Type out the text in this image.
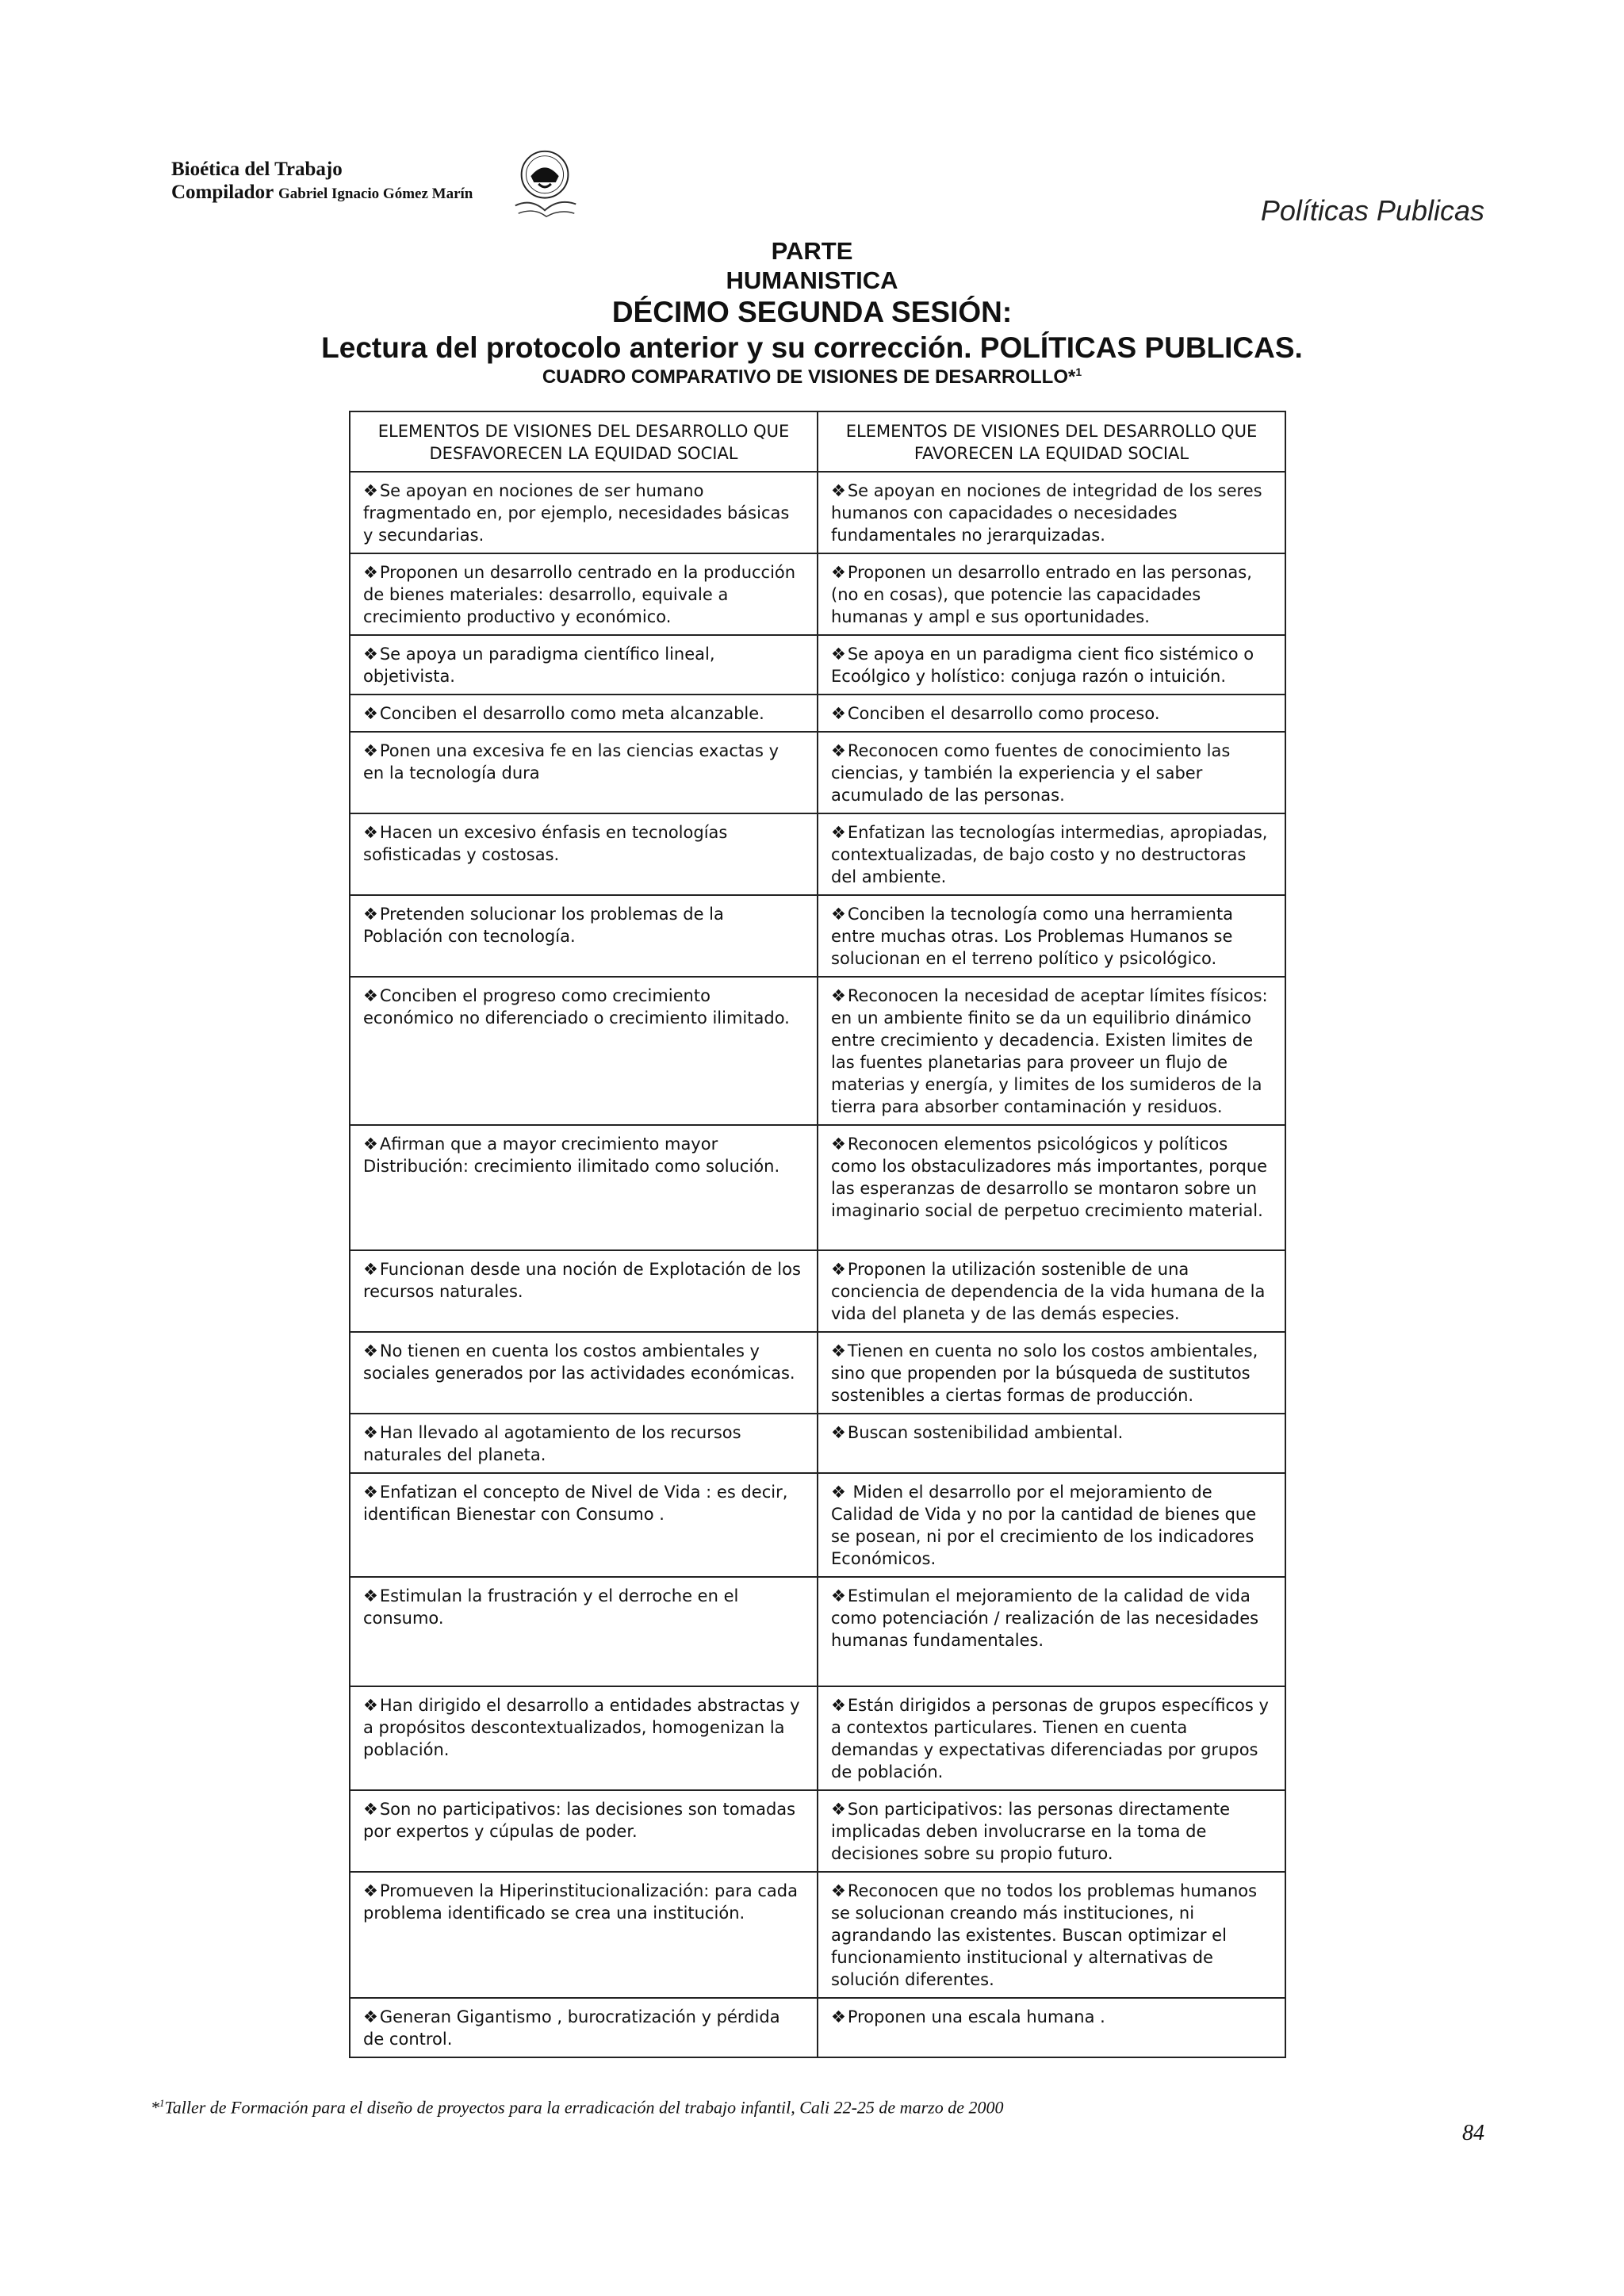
Bioética del Trabajo
Compilador Gabriel Ignacio Gómez Marín
Políticas Publicas
PARTE
HUMANISTICA
DÉCIMO SEGUNDA SESIÓN:
Lectura del protocolo anterior y su corrección. POLÍTICAS PUBLICAS.
CUADRO COMPARATIVO DE VISIONES DE DESARROLLO*$^1$
ELEMENTOS DE VISIONES DEL DESARROLLO QUE DESFAVORECEN LA EQUIDAD SOCIAL	ELEMENTOS DE VISIONES DEL DESARROLLO QUE FAVORECEN LA EQUIDAD SOCIAL
❖Se apoyan en nociones de ser humano fragmentado en, por ejemplo, necesidades básicas y secundarias.	❖Se apoyan en nociones de integridad de los seres humanos con capacidades o necesidades fundamentales no jerarquizadas.
❖Proponen un desarrollo centrado en la producción de bienes materiales: desarrollo, equivale a crecimiento productivo y económico.	❖Proponen un desarrollo entrado en las personas, (no en cosas), que potencie las capacidades humanas y ampl e sus oportunidades.
❖Se apoya un paradigma científico lineal, objetivista.	❖Se apoya en un paradigma cient fico sistémico o Ecoólgico y holístico: conjuga razón o intuición.
❖Conciben el desarrollo como meta alcanzable.	❖Conciben el desarrollo como proceso.
❖Ponen una excesiva fe en las ciencias exactas y en la tecnología dura	❖Reconocen como fuentes de conocimiento las ciencias, y también la experiencia y el saber acumulado de las personas.
❖Hacen un excesivo énfasis en tecnologías sofisticadas y costosas.	❖Enfatizan las tecnologías intermedias, apropiadas, contextualizadas, de bajo costo y no destructoras del ambiente.
❖Pretenden solucionar los problemas de la Población con tecnología.	❖Conciben la tecnología como una herramienta entre muchas otras. Los Problemas Humanos se solucionan en el terreno político y psicológico.
❖Conciben el progreso como crecimiento económico no diferenciado o crecimiento ilimitado.	❖Reconocen la necesidad de aceptar límites físicos: en un ambiente finito se da un equilibrio dinámico entre crecimiento y decadencia. Existen limites de las fuentes planetarias para proveer un flujo de materias y energía, y limites de los sumideros de la tierra para absorber contaminación y residuos.
❖Afirman que a mayor crecimiento mayor Distribución: crecimiento ilimitado como solución.	❖Reconocen elementos psicológicos y políticos como los obstaculizadores más importantes, porque las esperanzas de desarrollo se montaron sobre un imaginario social de perpetuo crecimiento material.
❖Funcionan desde una noción de Explotación de los recursos naturales.	❖Proponen la utilización sostenible de una conciencia de dependencia de la vida humana de la vida del planeta y de las demás especies.
❖No tienen en cuenta los costos ambientales y sociales generados por las actividades económicas.	❖Tienen en cuenta no solo los costos ambientales, sino que propenden por la búsqueda de sustitutos sostenibles a ciertas formas de producción.
❖Han llevado al agotamiento de los recursos naturales del planeta.	❖Buscan sostenibilidad ambiental.
❖Enfatizan el concepto de Nivel de Vida : es decir, identifican Bienestar con Consumo .	❖ Miden el desarrollo por el mejoramiento de Calidad de Vida y no por la cantidad de bienes que se posean, ni por el crecimiento de los indicadores Económicos.
❖Estimulan la frustración y el derroche en el consumo.	❖Estimulan el mejoramiento de la calidad de vida como potenciación / realización de las necesidades humanas fundamentales.
❖Han dirigido el desarrollo a entidades abstractas y a propósitos descontextualizados, homogenizan la población.	❖Están dirigidos a personas de grupos específicos y a contextos particulares. Tienen en cuenta demandas y expectativas diferenciadas por grupos de población.
❖Son no participativos: las decisiones son tomadas por expertos y cúpulas de poder.	❖Son participativos: las personas directamente implicadas deben involucrarse en la toma de decisiones sobre su propio futuro.
❖Promueven la Hiperinstitucionalización: para cada problema identificado se crea una institución.	❖Reconocen que no todos los problemas humanos se solucionan creando más instituciones, ni agrandando las existentes. Buscan optimizar el funcionamiento institucional y alternativas de solución diferentes.
❖Generan Gigantismo , burocratización y pérdida de control.	❖Proponen una escala humana .
*$^1$Taller de Formación para el diseño de proyectos para la erradicación del trabajo infantil, Cali 22-25 de marzo de 2000
84
